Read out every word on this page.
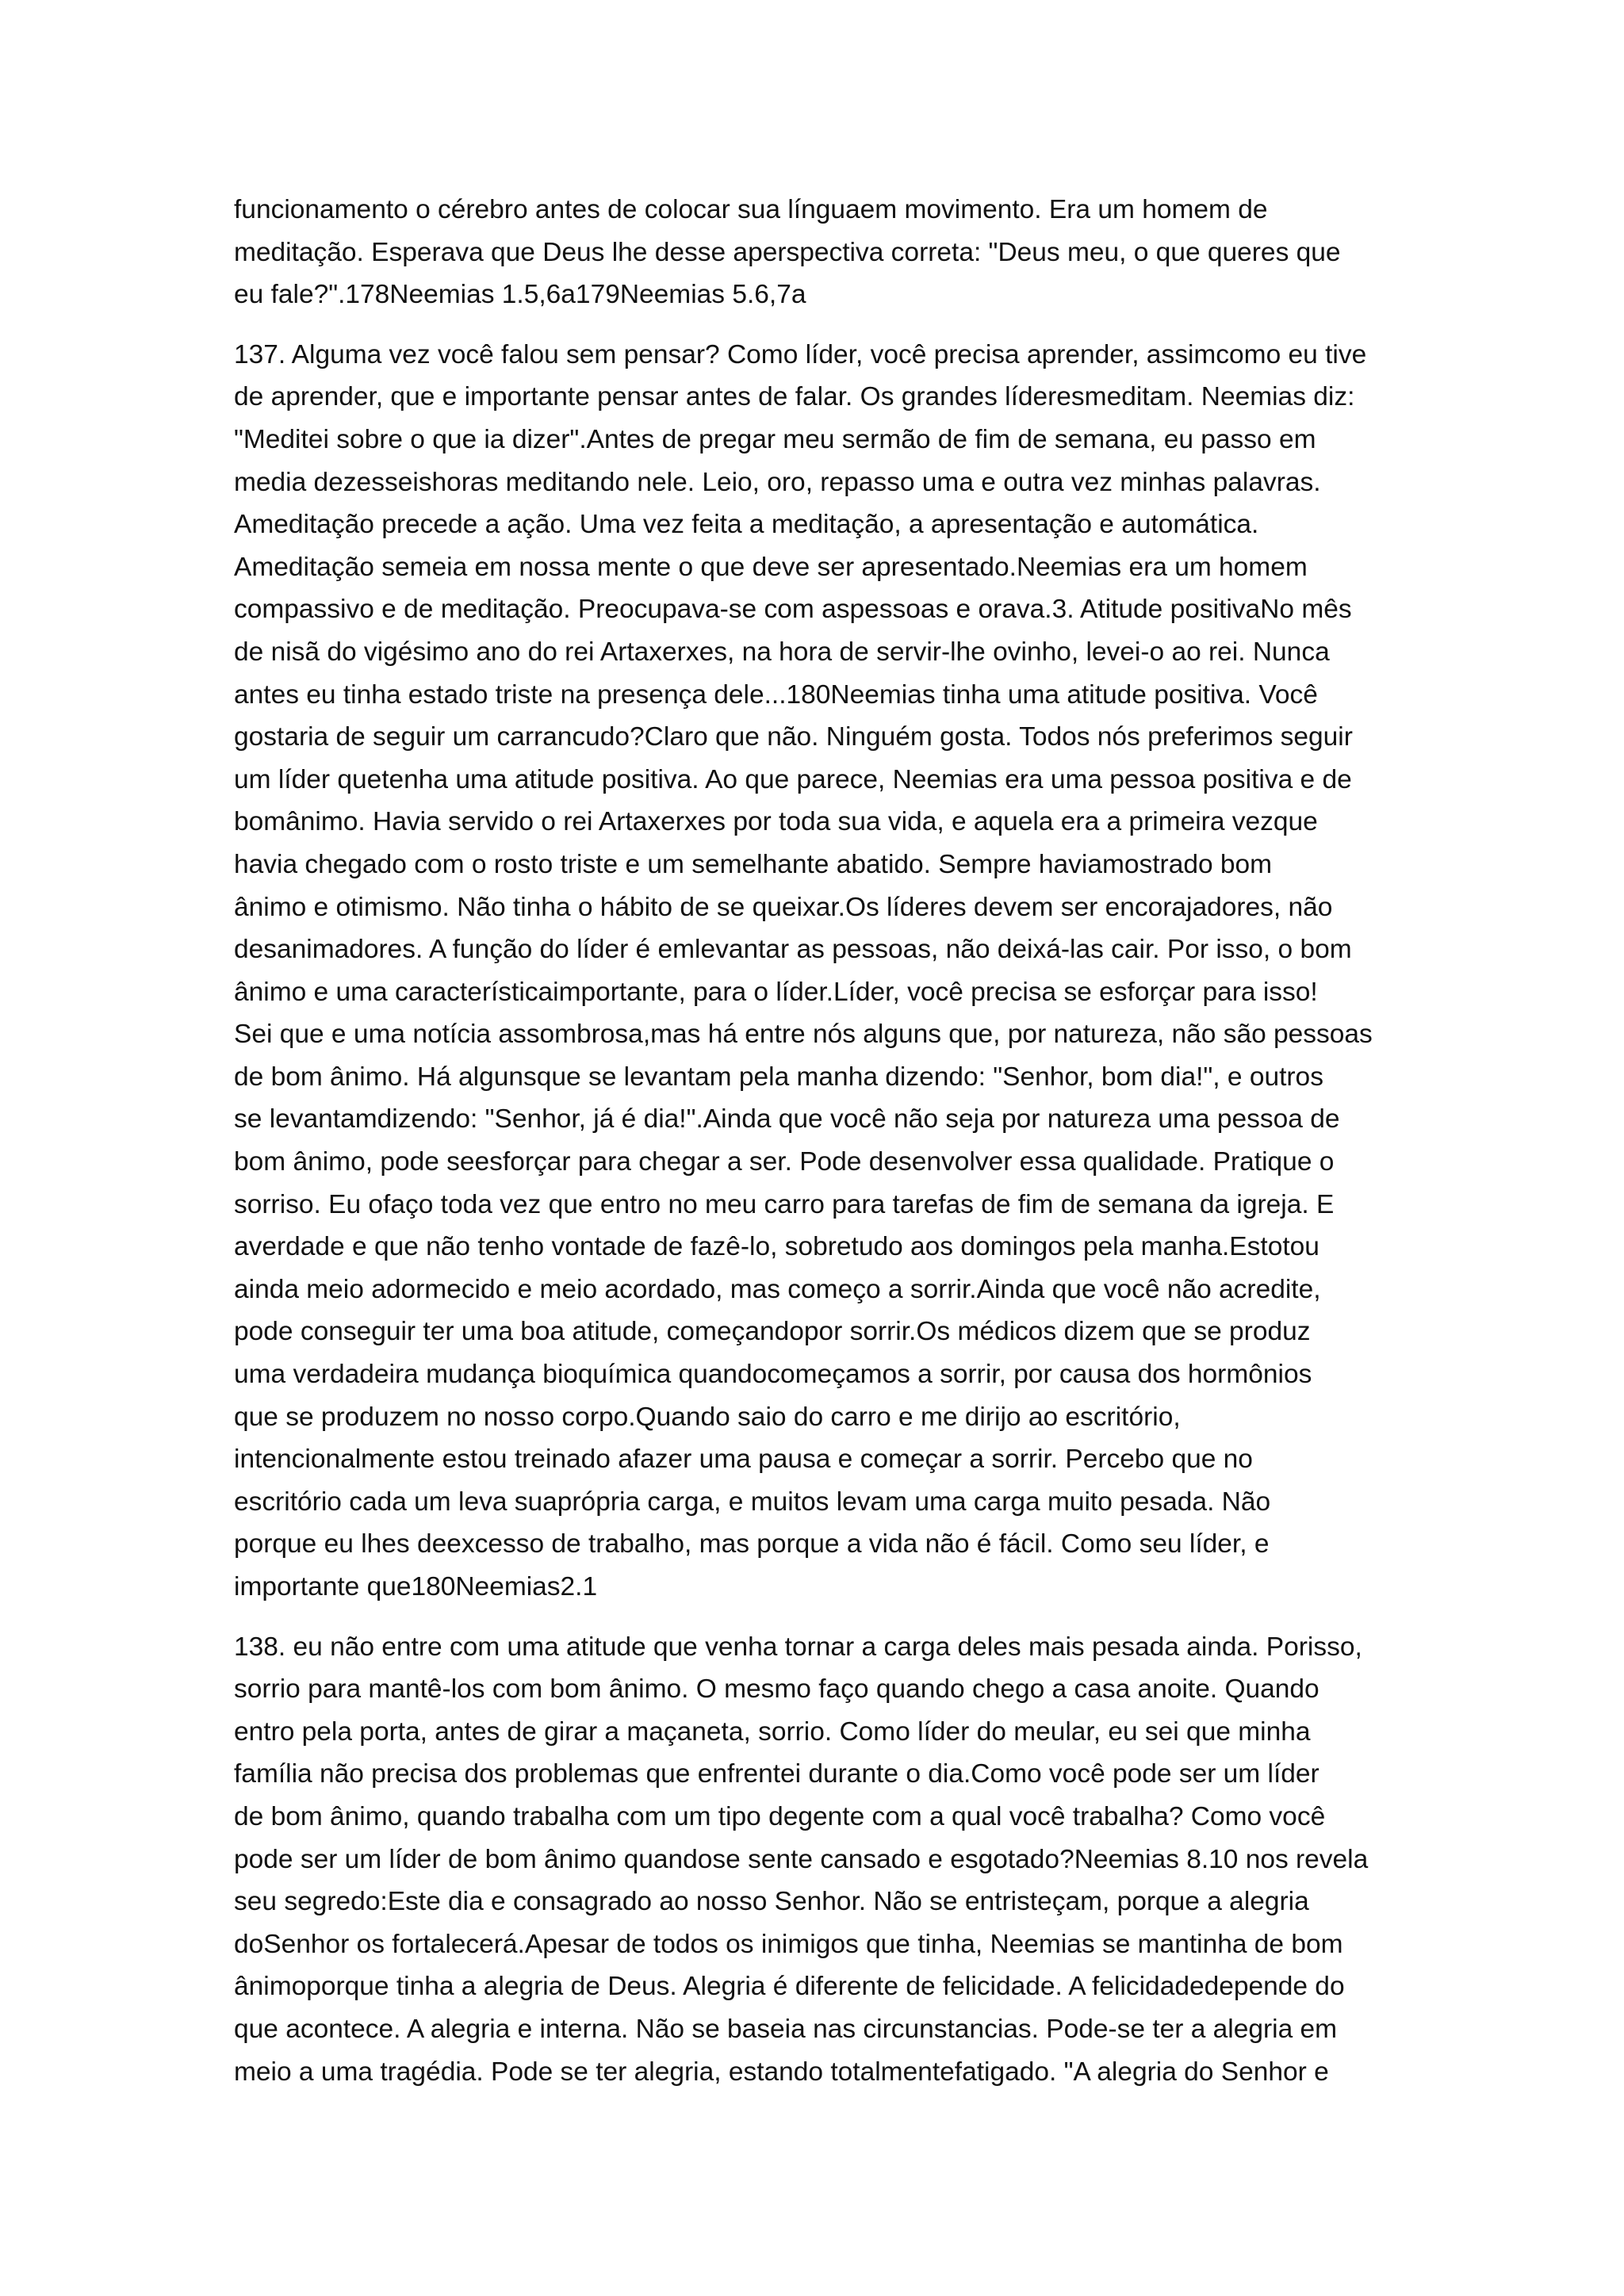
funcionamento o cérebro antes de colocar sua línguaem movimento. Era um homem de
meditação. Esperava que Deus lhe desse aperspectiva correta: "Deus meu, o que queres que
eu fale?".178Neemias 1.5,6a179Neemias 5.6,7a

137. Alguma vez você falou sem pensar? Como líder, você precisa aprender, assimcomo eu tive
de aprender, que e importante pensar antes de falar. Os grandes líderesmeditam. Neemias diz:
"Meditei sobre o que ia dizer".Antes de pregar meu sermão de fim de semana, eu passo em
media dezesseishoras meditando nele. Leio, oro, repasso uma e outra vez minhas palavras.
Ameditação precede a ação. Uma vez feita a meditação, a apresentação e automática.
Ameditação semeia em nossa mente o que deve ser apresentado.Neemias era um homem
compassivo e de meditação. Preocupava-se com aspessoas e orava.3. Atitude positivaNo mês
de nisã do vigésimo ano do rei Artaxerxes, na hora de servir-lhe ovinho, levei-o ao rei. Nunca
antes eu tinha estado triste na presença dele...180Neemias tinha uma atitude positiva. Você
gostaria de seguir um carrancudo?Claro que não. Ninguém gosta. Todos nós preferimos seguir
um líder quetenha uma atitude positiva. Ao que parece, Neemias era uma pessoa positiva e de
bomânimo. Havia servido o rei Artaxerxes por toda sua vida, e aquela era a primeira vezque
havia chegado com o rosto triste e um semelhante abatido. Sempre haviamostrado bom
ânimo e otimismo. Não tinha o hábito de se queixar.Os líderes devem ser encorajadores, não
desanimadores. A função do líder é emlevantar as pessoas, não deixá-las cair. Por isso, o bom
ânimo e uma característicaimportante, para o líder.Líder, você precisa se esforçar para isso!
Sei que e uma notícia assombrosa,mas há entre nós alguns que, por natureza, não são pessoas
de bom ânimo. Há algunsque se levantam pela manha dizendo: "Senhor, bom dia!", e outros
se levantamdizendo: "Senhor, já é dia!".Ainda que você não seja por natureza uma pessoa de
bom ânimo, pode seesforçar para chegar a ser. Pode desenvolver essa qualidade. Pratique o
sorriso. Eu ofaço toda vez que entro no meu carro para tarefas de fim de semana da igreja. E
averdade e que não tenho vontade de fazê-lo, sobretudo aos domingos pela manha.Estotou
ainda meio adormecido e meio acordado, mas começo a sorrir.Ainda que você não acredite,
pode conseguir ter uma boa atitude, começandopor sorrir.Os médicos dizem que se produz
uma verdadeira mudança bioquímica quandocomeçamos a sorrir, por causa dos hormônios
que se produzem no nosso corpo.Quando saio do carro e me dirijo ao escritório,
intencionalmente estou treinado afazer uma pausa e começar a sorrir. Percebo que no
escritório cada um leva suaprópria carga, e muitos levam uma carga muito pesada. Não
porque eu lhes deexcesso de trabalho, mas porque a vida não é fácil. Como seu líder, e
importante que180Neemias2.1

138. eu não entre com uma atitude que venha tornar a carga deles mais pesada ainda. Porisso,
sorrio para mantê-los com bom ânimo. O mesmo faço quando chego a casa anoite. Quando
entro pela porta, antes de girar a maçaneta, sorrio. Como líder do meular, eu sei que minha
família não precisa dos problemas que enfrentei durante o dia.Como você pode ser um líder
de bom ânimo, quando trabalha com um tipo degente com a qual você trabalha? Como você
pode ser um líder de bom ânimo quandose sente cansado e esgotado?Neemias 8.10 nos revela
seu segredo:Este dia e consagrado ao nosso Senhor. Não se entristeçam, porque a alegria
doSenhor os fortalecerá.Apesar de todos os inimigos que tinha, Neemias se mantinha de bom
ânimoporque tinha a alegria de Deus. Alegria é diferente de felicidade. A felicidadedepende do
que acontece. A alegria e interna. Não se baseia nas circunstancias. Pode-se ter a alegria em
meio a uma tragédia. Pode se ter alegria, estando totalmentefatigado. "A alegria do Senhor e
